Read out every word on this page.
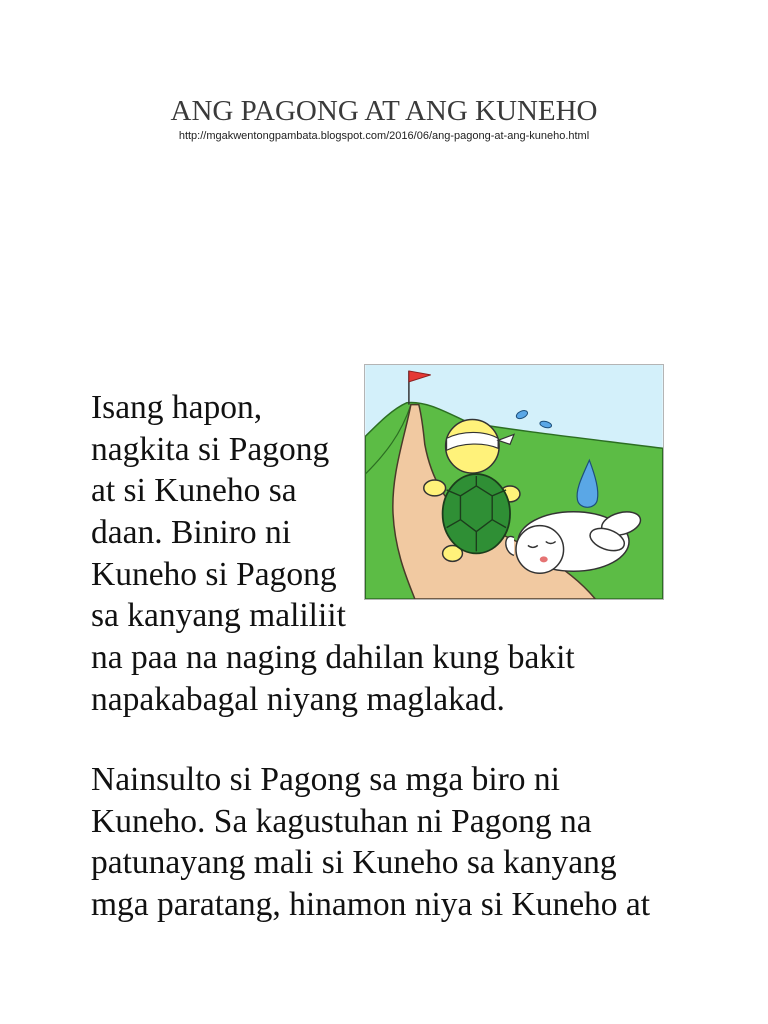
ANG PAGONG AT ANG KUNEHO
http://mgakwentongpambata.blogspot.com/2016/06/ang-pagong-at-ang-kuneho.html
Isang hapon,
nagkita si Pagong
at si Kuneho sa
daan. Biniro ni
Kuneho si Pagong
sa kanyang maliliit
na paa na naging dahilan kung bakit
napakabagal niyang maglakad.
Nainsulto si Pagong sa mga biro ni
Kuneho. Sa kagustuhan ni Pagong na
patunayang mali si Kuneho sa kanyang
mga paratang, hinamon niya si Kuneho at
